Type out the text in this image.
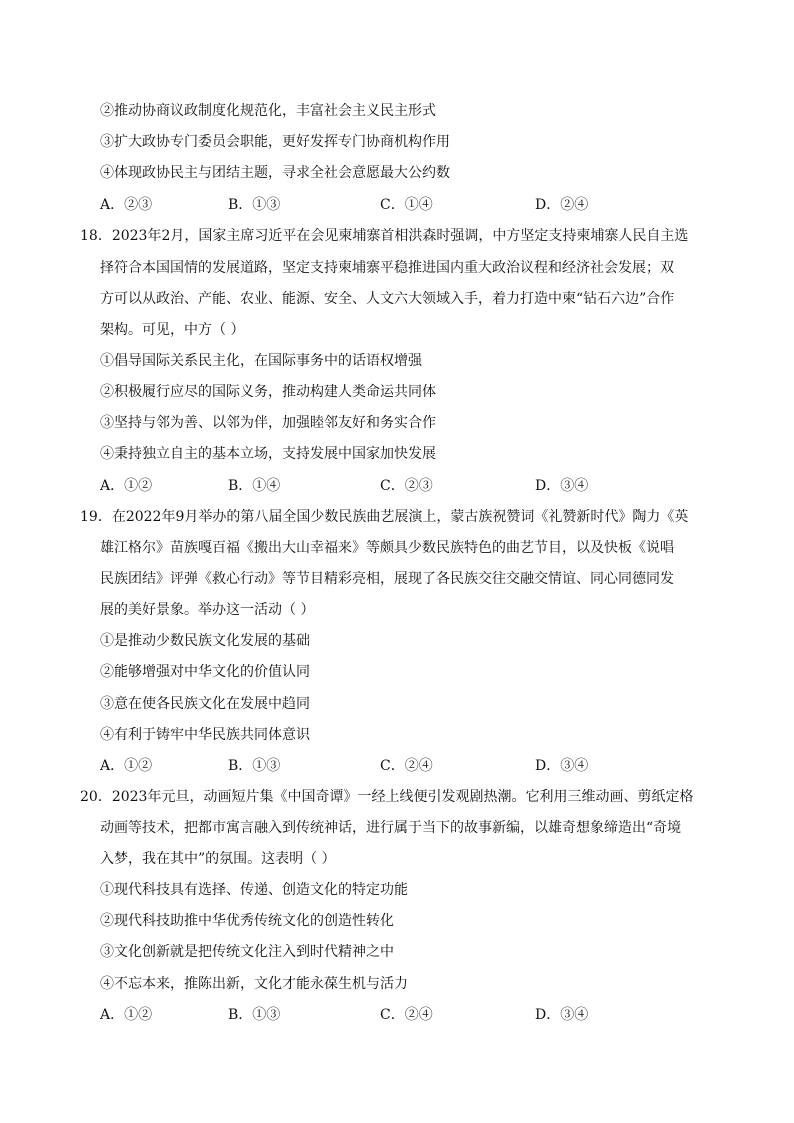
②推动协商议政制度化规范化，丰富社会主义民主形式
③扩大政协专门委员会职能，更好发挥专门协商机构作用
④体现政协民主与团结主题，寻求全社会意愿最大公约数
A．②③	B．①③	C．①④	D．②④
18．2023年2月，国家主席习近平在会见柬埔寨首相洪森时强调，中方坚定支持柬埔寨人民自主选
择符合本国国情的发展道路，坚定支持柬埔寨平稳推进国内重大政治议程和经济社会发展；双
方可以从政治、产能、农业、能源、安全、人文六大领域入手，着力打造中柬“钻石六边”合作
架构。可见，中方（ ）
①倡导国际关系民主化，在国际事务中的话语权增强
②积极履行应尽的国际义务，推动构建人类命运共同体
③坚持与邻为善、以邻为伴，加强睦邻友好和务实合作
④秉持独立自主的基本立场，支持发展中国家加快发展
A．①②	B．①④	C．②③	D．③④
19．在2022年9月举办的第八届全国少数民族曲艺展演上，蒙古族祝赞词《礼赞新时代》陶力《英
雄江格尔》苗族嘎百福《搬出大山幸福来》等颇具少数民族特色的曲艺节目，以及快板《说唱
民族团结》评弹《救心行动》等节目精彩亮相，展现了各民族交往交融交情谊、同心同德同发
展的美好景象。举办这一活动（ ）
①是推动少数民族文化发展的基础
②能够增强对中华文化的价值认同
③意在使各民族文化在发展中趋同
④有利于铸牢中华民族共同体意识
A．①②	B．①③	C．②④	D．③④
20．2023年元旦，动画短片集《中国奇谭》一经上线便引发观剧热潮。它利用三维动画、剪纸定格
动画等技术，把都市寓言融入到传统神话，进行属于当下的故事新编，以雄奇想象缔造出“奇境
入梦，我在其中”的氛围。这表明（ ）
①现代科技具有选择、传递、创造文化的特定功能
②现代科技助推中华优秀传统文化的创造性转化
③文化创新就是把传统文化注入到时代精神之中
④不忘本来，推陈出新，文化才能永葆生机与活力
A．①②	B．①③	C．②④	D．③④
